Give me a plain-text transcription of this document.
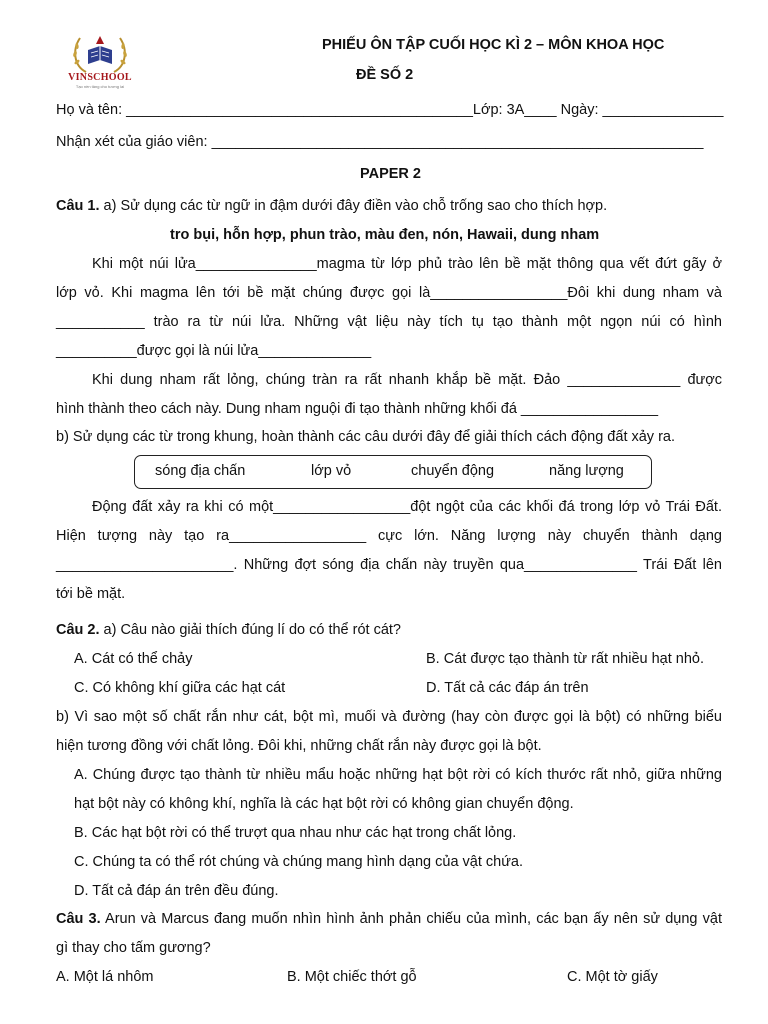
VINSCHOOL
Tạo nền tảng cho tương lai
PHIẾU ÔN TẬP CUỐI HỌC KÌ 2 – MÔN KHOA HỌC
ĐỀ SỐ 2
Họ và tên: ___________________________________________Lớp: 3A____ Ngày: _______________
Nhận xét của giáo viên: _____________________________________________________________
PAPER 2
Câu 1. a) Sử dụng các từ ngữ in đậm dưới đây điền vào chỗ trống sao cho thích hợp.
tro bụi, hỗn hợp, phun trào, màu đen, nón, Hawaii, dung nham
Khi một núi lửa_______________magma từ lớp phủ trào lên bề mặt thông qua vết đứt gãy ở
lớp vỏ. Khi magma lên tới bề mặt chúng được gọi là_________________Đôi khi dung nham và
___________ trào ra từ núi lửa. Những vật liệu này tích tụ tạo thành một ngọn núi có hình
__________được gọi là núi lửa______________
Khi dung nham rất lỏng, chúng tràn ra rất nhanh khắp bề mặt. Đảo ______________ được
hình thành theo cách này. Dung nham nguội đi tạo thành những khối đá _________________
b) Sử dụng các từ trong khung, hoàn thành các câu dưới đây để giải thích cách động đất xảy ra.
sóng địa chấn	lớp vỏ	chuyển động	năng lượng
Động đất xảy ra khi có một_________________đột ngột của các khối đá trong lớp vỏ Trái Đất.
Hiện tượng này tạo ra_________________ cực lớn. Năng lượng này chuyển thành dạng
______________________. Những đợt sóng địa chấn này truyền qua______________ Trái Đất lên
tới bề mặt.
Câu 2. a) Câu nào giải thích đúng lí do có thể rót cát?
A. Cát có thể chảy	B. Cát được tạo thành từ rất nhiều hạt nhỏ.
C. Có không khí giữa các hạt cát	D. Tất cả các đáp án trên
b) Vì sao một số chất rắn như cát, bột mì, muối và đường (hay còn được gọi là bột) có những biểu
hiện tương đồng với chất lỏng. Đôi khi, những chất rắn này được gọi là bột.
A. Chúng được tạo thành từ nhiều mẩu hoặc những hạt bột rời có kích thước rất nhỏ, giữa những
hạt bột này có không khí, nghĩa là các hạt bột rời có không gian chuyển động.
B. Các hạt bột rời có thể trượt qua nhau như các hạt trong chất lỏng.
C. Chúng ta có thể rót chúng và chúng mang hình dạng của vật chứa.
D. Tất cả đáp án trên đều đúng.
Câu 3. Arun và Marcus đang muốn nhìn hình ảnh phản chiếu của mình, các bạn ấy nên sử dụng vật
gì thay cho tấm gương?
A. Một lá nhôm	B. Một chiếc thớt gỗ	C. Một tờ giấy
